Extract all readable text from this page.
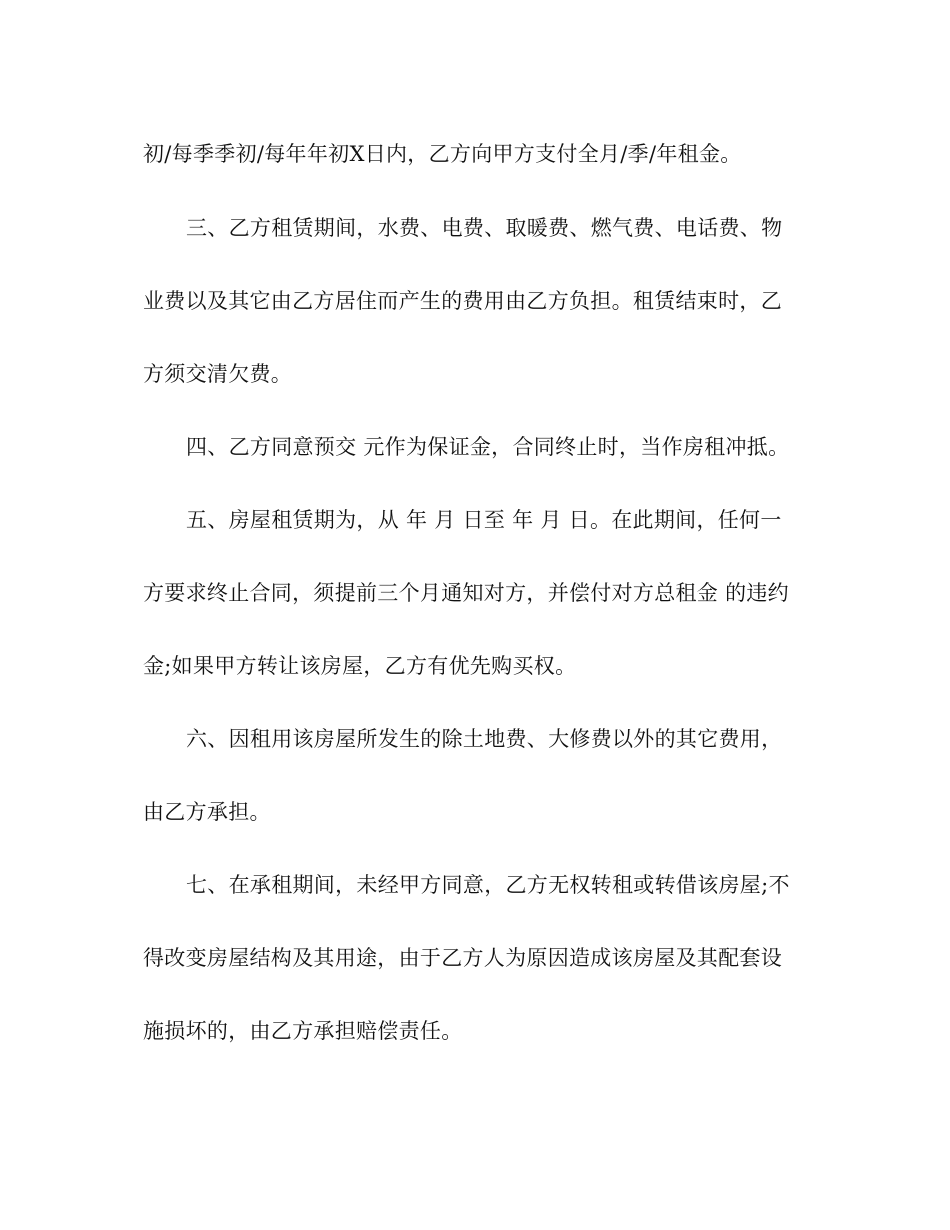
初/每季季初/每年年初X日内，乙方向甲方支付全月/季/年租金。
三、乙方租赁期间，水费、电费、取暖费、燃气费、电话费、物
业费以及其它由乙方居住而产生的费用由乙方负担。租赁结束时，乙
方须交清欠费。
四、乙方同意预交 元作为保证金，合同终止时，当作房租冲抵。
五、房屋租赁期为，从 年 月 日至 年 月 日。在此期间，任何一
方要求终止合同，须提前三个月通知对方，并偿付对方总租金 的违约
金;如果甲方转让该房屋，乙方有优先购买权。
六、因租用该房屋所发生的除土地费、大修费以外的其它费用，
由乙方承担。
七、在承租期间，未经甲方同意，乙方无权转租或转借该房屋;不
得改变房屋结构及其用途，由于乙方人为原因造成该房屋及其配套设
施损坏的，由乙方承担赔偿责任。
